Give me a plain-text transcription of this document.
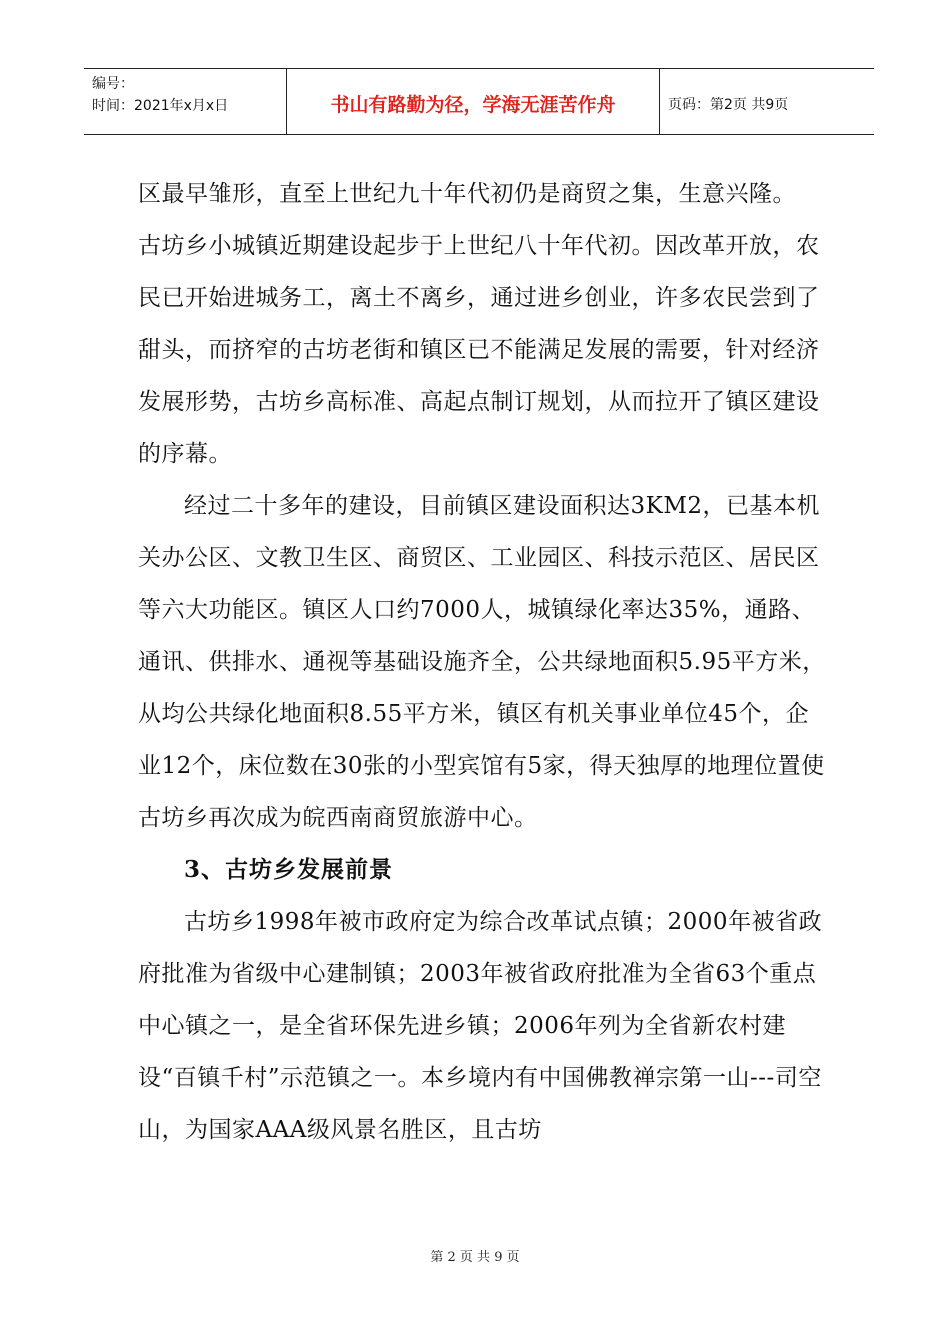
编号：
时间：2021年x月x日	书山有路勤为径，学海无涯苦作舟	页码：第2页 共9页

区最早雏形，直至上世纪九十年代初仍是商贸之集，生意兴隆。

古坊乡小城镇近期建设起步于上世纪八十年代初。因改革开放，农民已开始进城务工，离土不离乡，通过进乡创业，许多农民尝到了甜头，而挤窄的古坊老街和镇区已不能满足发展的需要，针对经济发展形势，古坊乡高标准、高起点制订规划，从而拉开了镇区建设的序幕。

经过二十多年的建设，目前镇区建设面积达3KM2，已基本机关办公区、文教卫生区、商贸区、工业园区、科技示范区、居民区等六大功能区。镇区人口约7000人，城镇绿化率达35%，通路、通讯、供排水、通视等基础设施齐全，公共绿地面积5.95平方米，从均公共绿化地面积8.55平方米，镇区有机关事业单位45个，企业12个，床位数在30张的小型宾馆有5家，得天独厚的地理位置使古坊乡再次成为皖西南商贸旅游中心。

3、古坊乡发展前景

古坊乡1998年被市政府定为综合改革试点镇；2000年被省政府批准为省级中心建制镇；2003年被省政府批准为全省63个重点中心镇之一，是全省环保先进乡镇；2006年列为全省新农村建设“百镇千村”示范镇之一。本乡境内有中国佛教禅宗第一山---司空山，为国家AAA级风景名胜区，且古坊

第 2 页 共 9 页
